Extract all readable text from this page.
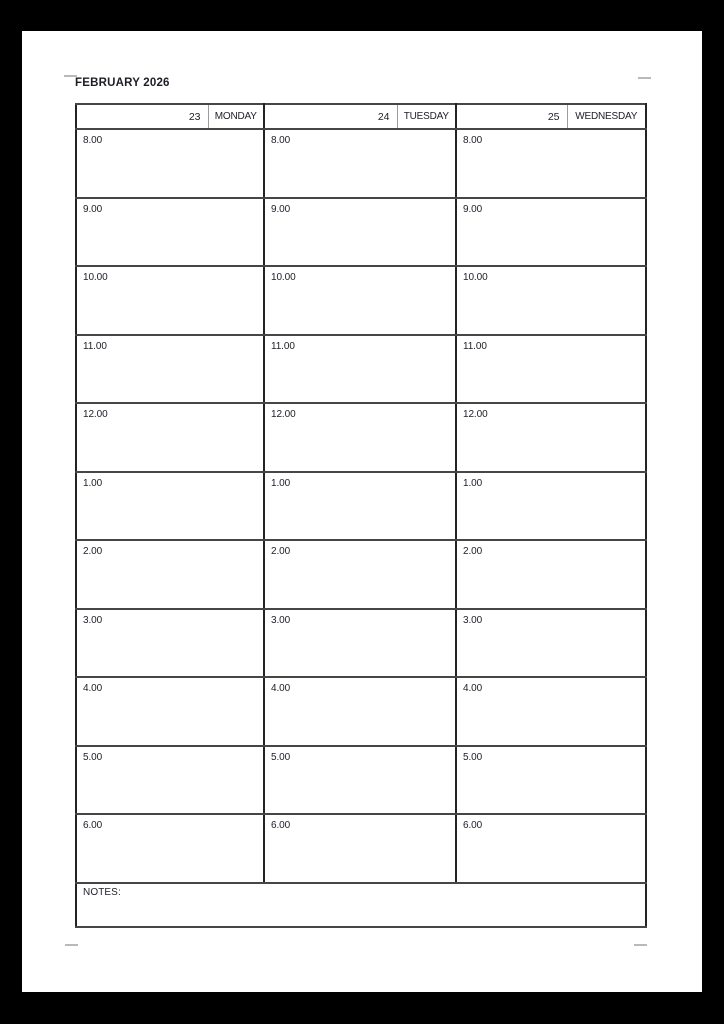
FEBRUARY 2026
23	MONDAY	24	TUESDAY	25	WEDNESDAY
8.00		8.00		8.00	
9.00		9.00		9.00	
10.00		10.00		10.00	
11.00		11.00		11.00	
12.00		12.00		12.00	
1.00		1.00		1.00	
2.00		2.00		2.00	
3.00		3.00		3.00	
4.00		4.00		4.00	
5.00		5.00		5.00	
6.00		6.00		6.00	
NOTES:					
